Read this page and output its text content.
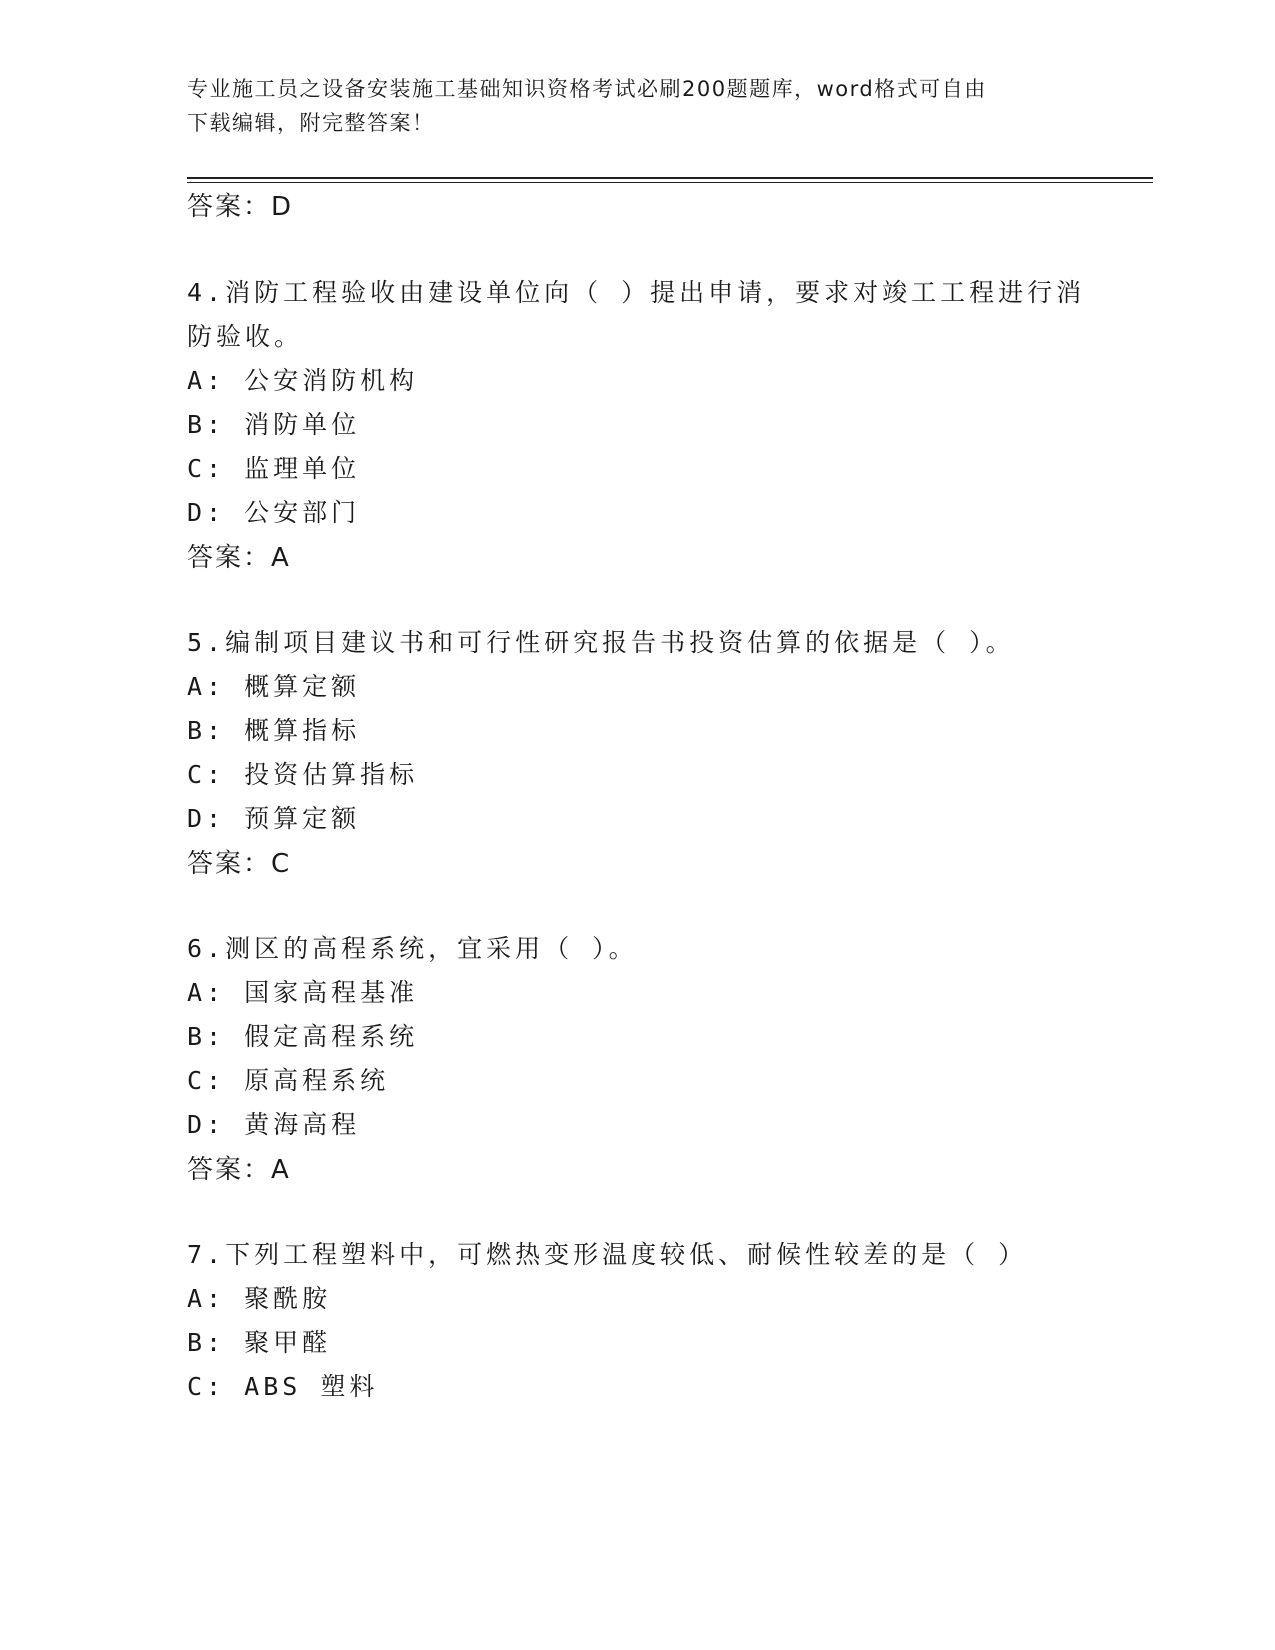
专业施工员之设备安装施工基础知识资格考试必刷200题题库，word格式可自由
下载编辑，附完整答案！
答案：D
4.消防工程验收由建设单位向（ ）提出申请，要求对竣工工程进行消
防验收。
A: 公安消防机构
B: 消防单位
C: 监理单位
D: 公安部门
答案：A
5.编制项目建议书和可行性研究报告书投资估算的依据是（ ）。
A: 概算定额
B: 概算指标
C: 投资估算指标
D: 预算定额
答案：C
6.测区的高程系统，宜采用（ ）。
A: 国家高程基准
B: 假定高程系统
C: 原高程系统
D: 黄海高程
答案：A
7.下列工程塑料中，可燃热变形温度较低、耐候性较差的是（ ）
A: 聚酰胺
B: 聚甲醛
C: ABS 塑料
